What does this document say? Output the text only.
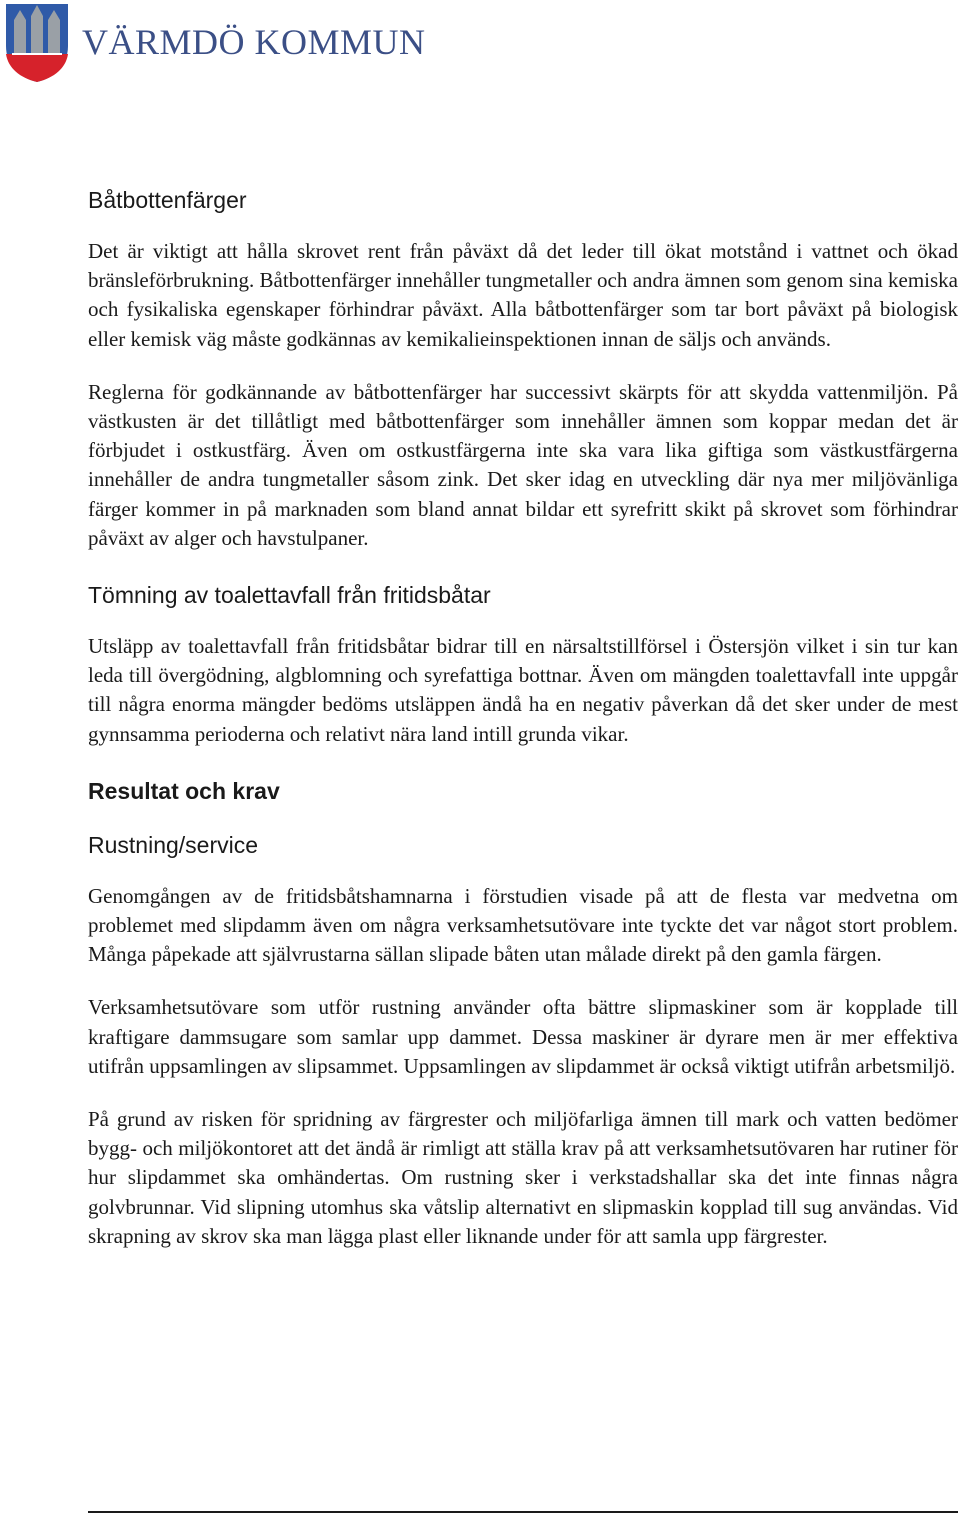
VÄRMDÖ KOMMUN
Båtbottenfärger

Det är viktigt att hålla skrovet rent från påväxt då det leder till ökat motstånd i vattnet och ökad bränsleförbrukning. Båtbottenfärger innehåller tungmetaller och andra ämnen som genom sina kemiska och fysikaliska egenskaper förhindrar påväxt. Alla båtbottenfärger som tar bort påväxt på biologisk eller kemisk väg måste godkännas av kemikalieinspektionen innan de säljs och används.

Reglerna för godkännande av båtbottenfärger har successivt skärpts för att skydda vattenmiljön. På västkusten är det tillåtligt med båtbottenfärger som innehåller ämnen som koppar medan det är förbjudet i ostkustfärg. Även om ostkustfärgerna inte ska vara lika giftiga som västkustfärgerna innehåller de andra tungmetaller såsom zink. Det sker idag en utveckling där nya mer miljövänliga färger kommer in på marknaden som bland annat bildar ett syrefritt skikt på skrovet som förhindrar påväxt av alger och havstulpaner.

Tömning av toalettavfall från fritidsbåtar

Utsläpp av toalettavfall från fritidsbåtar bidrar till en närsaltstillförsel i Östersjön vilket i sin tur kan leda till övergödning, algblomning och syrefattiga bottnar. Även om mängden toalettavfall inte uppgår till några enorma mängder bedöms utsläppen ändå ha en negativ påverkan då det sker under de mest gynnsamma perioderna och relativt nära land intill grunda vikar.

Resultat och krav
Rustning/service

Genomgången av de fritidsbåtshamnarna i förstudien visade på att de flesta var medvetna om problemet med slipdamm även om några verksamhetsutövare inte tyckte det var något stort problem. Många påpekade att självrustarna sällan slipade båten utan målade direkt på den gamla färgen.

Verksamhetsutövare som utför rustning använder ofta bättre slipmaskiner som är kopplade till kraftigare dammsugare som samlar upp dammet. Dessa maskiner är dyrare men är mer effektiva utifrån uppsamlingen av slipsammet. Uppsamlingen av slipdammet är också viktigt utifrån arbetsmiljö.

På grund av risken för spridning av färgrester och miljöfarliga ämnen till mark och vatten bedömer bygg- och miljökontoret att det ändå är rimligt att ställa krav på att verksamhetsutövaren har rutiner för hur slipdammet ska omhändertas. Om rustning sker i verkstadshallar ska det inte finnas några golvbrunnar. Vid slipning utomhus ska våtslip alternativt en slipmaskin kopplad till sug användas. Vid skrapning av skrov ska man lägga plast eller liknande under för att samla upp färgrester.
